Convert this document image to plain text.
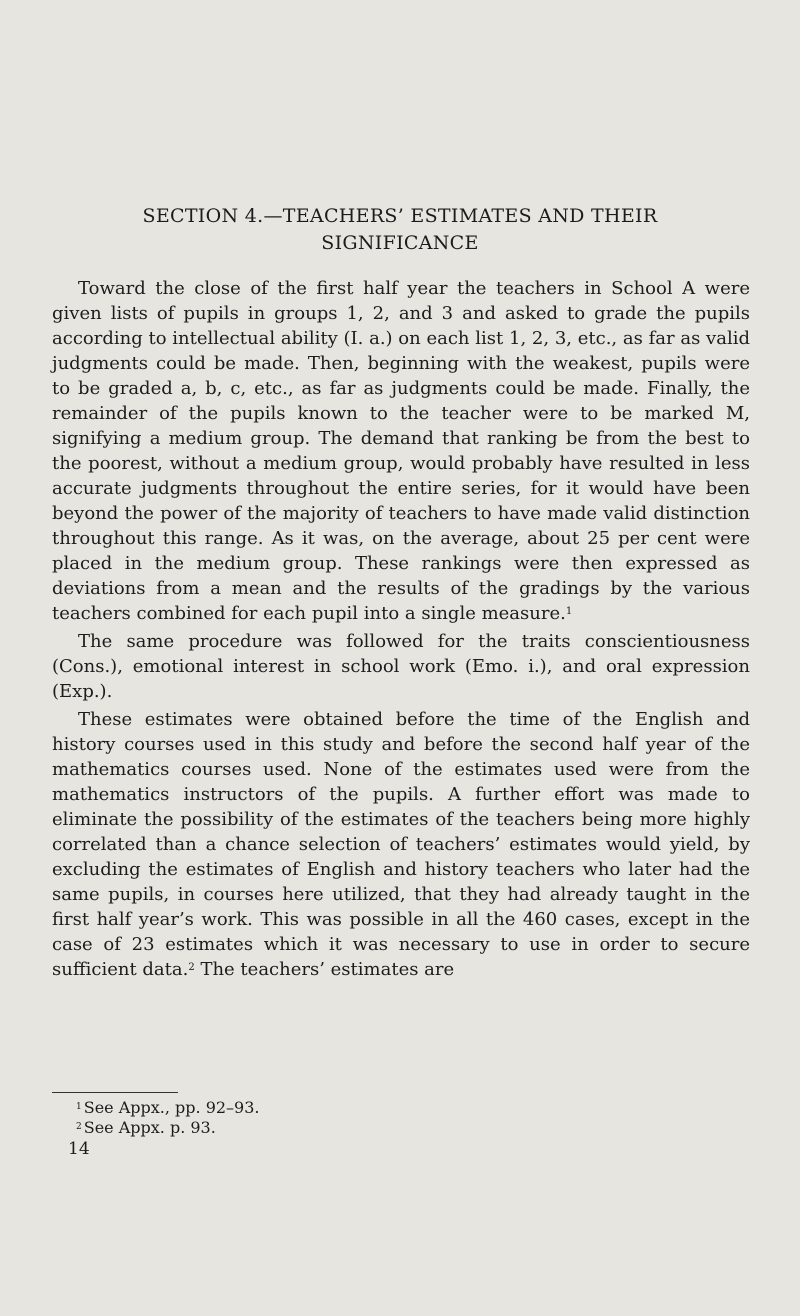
SECTION 4.—TEACHERS’ ESTIMATES AND THEIR
SIGNIFICANCE

Toward the close of the first half year the teachers in School A were given lists of pupils in groups 1, 2, and 3 and asked to grade the pupils according to intellectual ability (I. a.) on each list 1, 2, 3, etc., as far as valid judgments could be made. Then, beginning with the weakest, pupils were to be graded a, b, c, etc., as far as judgments could be made. Finally, the remainder of the pupils known to the teacher were to be marked M, signifying a medium group. The demand that ranking be from the best to the poorest, without a medium group, would probably have resulted in less accurate judgments throughout the entire series, for it would have been beyond the power of the majority of teachers to have made valid distinction throughout this range. As it was, on the average, about 25 per cent were placed in the medium group. These rankings were then expressed as deviations from a mean and the results of the gradings by the various teachers combined for each pupil into a single measure.$^1$

The same procedure was followed for the traits conscientiousness (Cons.), emotional interest in school work (Emo. i.), and oral expression (Exp.).

These estimates were obtained before the time of the English and history courses used in this study and before the second half year of the mathematics courses used. None of the estimates used were from the mathematics instructors of the pupils. A further effort was made to eliminate the possibility of the estimates of the teachers being more highly correlated than a chance selection of teachers’ estimates would yield, by excluding the estimates of English and history teachers who later had the same pupils, in courses here utilized, that they had already taught in the first half year’s work. This was possible in all the 460 cases, except in the case of 23 estimates which it was necessary to use in order to secure sufficient data.$^2$ The teachers’ estimates are

$^1$ See Appx., pp. 92–93.
$^2$ See Appx. p. 93.
14
